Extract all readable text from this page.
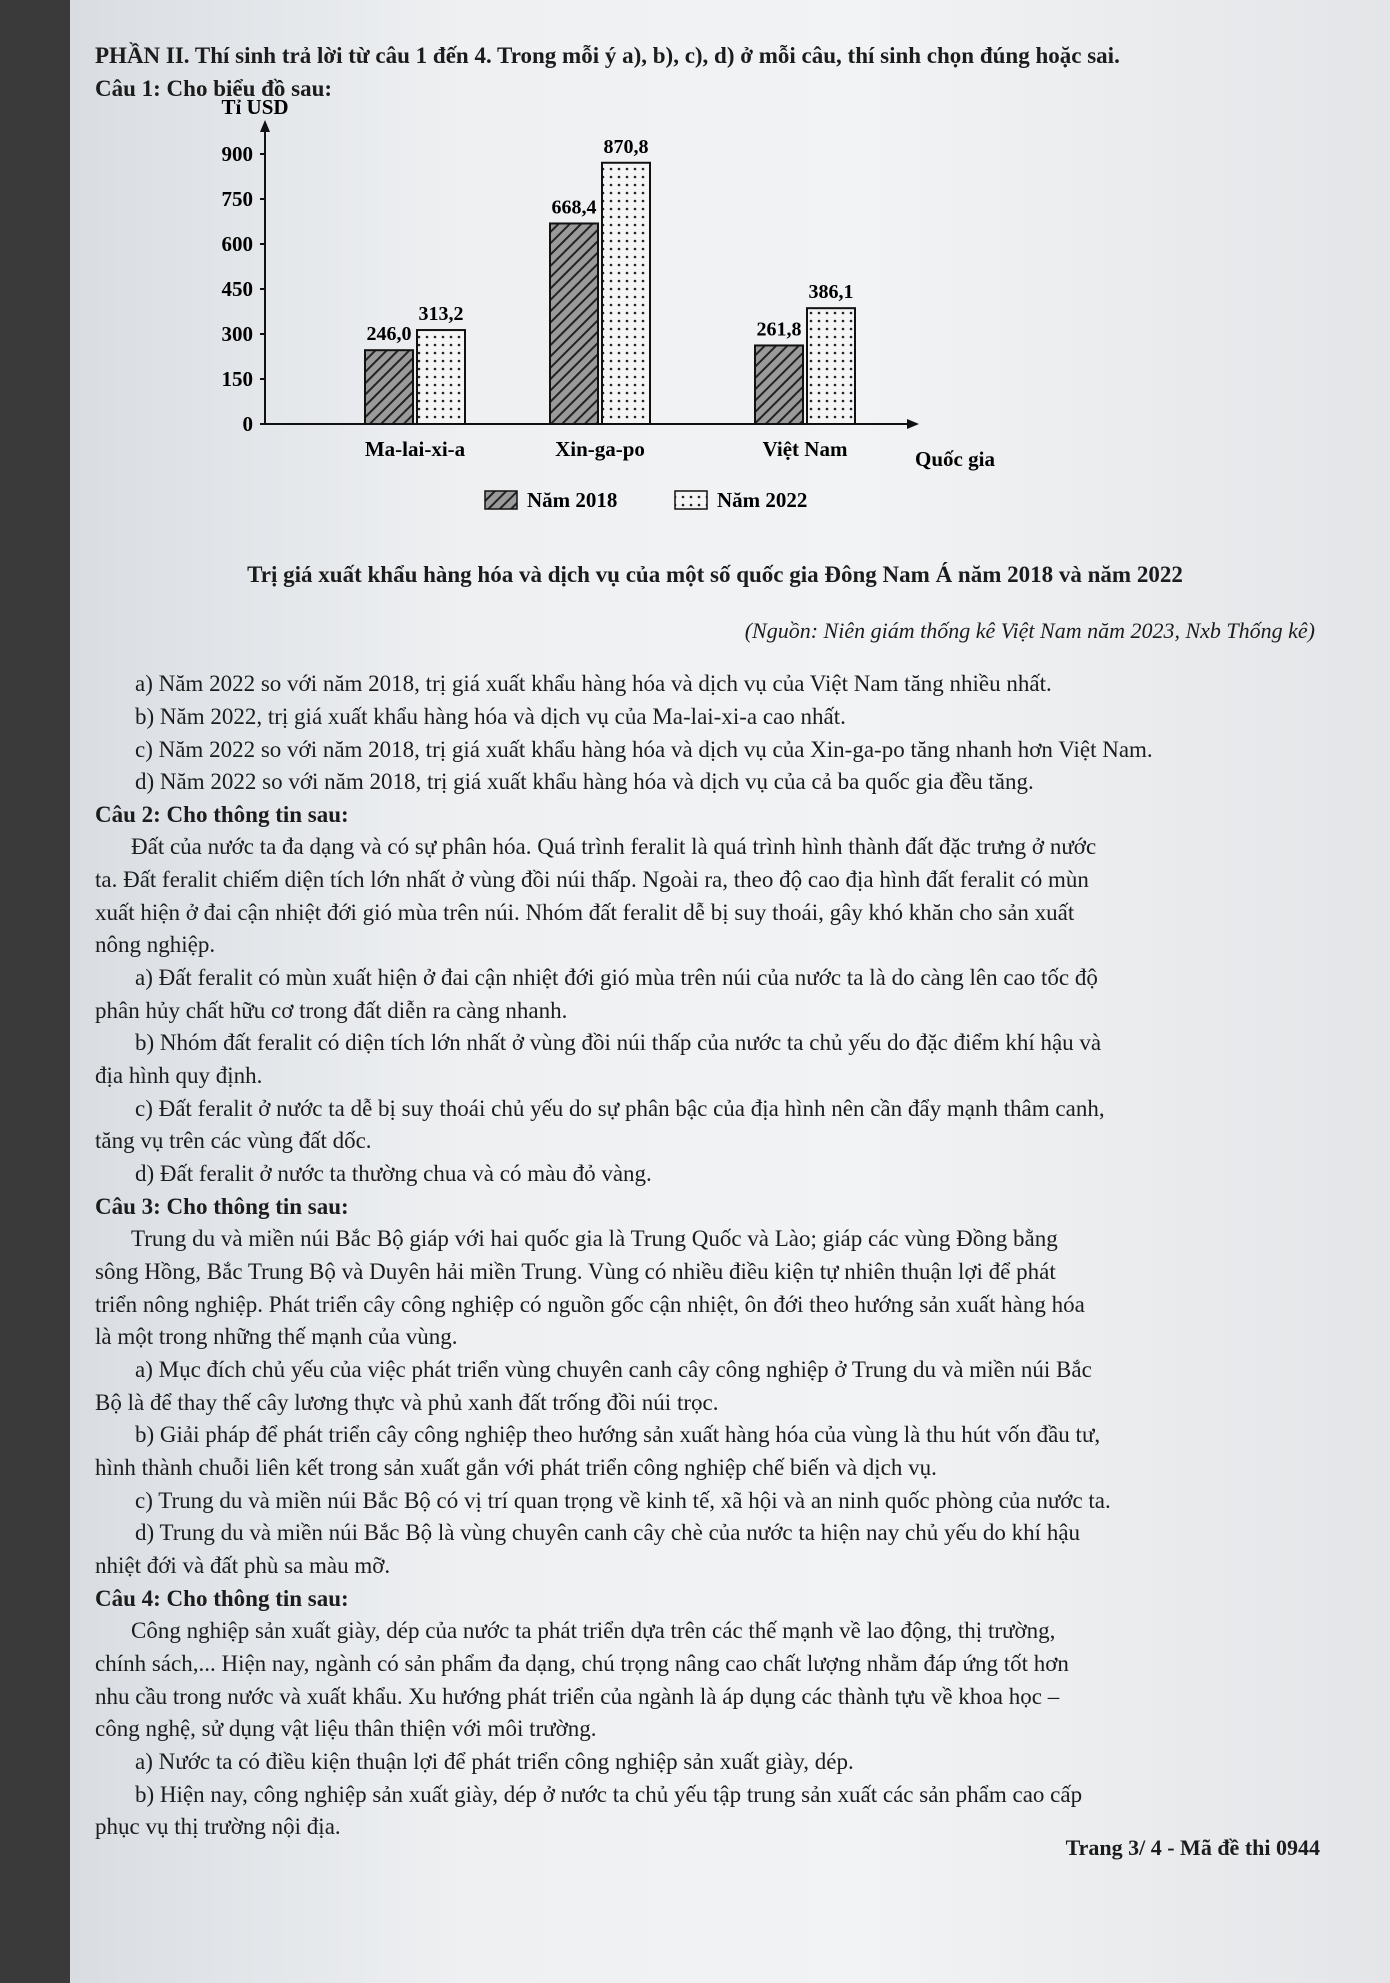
PHẦN II. Thí sinh trả lời từ câu 1 đến 4. Trong mỗi ý a), b), c), d) ở mỗi câu, thí sinh chọn đúng hoặc sai.

Câu 1: Cho biểu đồ sau:

Tỉ USD
Quốc gia
0
150
300
450
600
750
900
246,0
313,2
Ma-lai-xi-a
668,4
870,8
Xin-ga-po
261,8
386,1
Việt Nam
Năm 2018	Năm 2022

Trị giá xuất khẩu hàng hóa và dịch vụ của một số quốc gia Đông Nam Á năm 2018 và năm 2022

(Nguồn: Niên giám thống kê Việt Nam năm 2023, Nxb Thống kê)

a) Năm 2022 so với năm 2018, trị giá xuất khẩu hàng hóa và dịch vụ của Việt Nam tăng nhiều nhất.

b) Năm 2022, trị giá xuất khẩu hàng hóa và dịch vụ của Ma-lai-xi-a cao nhất.

c) Năm 2022 so với năm 2018, trị giá xuất khẩu hàng hóa và dịch vụ của Xin-ga-po tăng nhanh hơn Việt Nam.

d) Năm 2022 so với năm 2018, trị giá xuất khẩu hàng hóa và dịch vụ của cả ba quốc gia đều tăng.

Câu 2: Cho thông tin sau:

Đất của nước ta đa dạng và có sự phân hóa. Quá trình feralit là quá trình hình thành đất đặc trưng ở nước

ta. Đất feralit chiếm diện tích lớn nhất ở vùng đồi núi thấp. Ngoài ra, theo độ cao địa hình đất feralit có mùn

xuất hiện ở đai cận nhiệt đới gió mùa trên núi. Nhóm đất feralit dễ bị suy thoái, gây khó khăn cho sản xuất

nông nghiệp.

a) Đất feralit có mùn xuất hiện ở đai cận nhiệt đới gió mùa trên núi của nước ta là do càng lên cao tốc độ

phân hủy chất hữu cơ trong đất diễn ra càng nhanh.

b) Nhóm đất feralit có diện tích lớn nhất ở vùng đồi núi thấp của nước ta chủ yếu do đặc điểm khí hậu và

địa hình quy định.

c) Đất feralit ở nước ta dễ bị suy thoái chủ yếu do sự phân bậc của địa hình nên cần đẩy mạnh thâm canh,

tăng vụ trên các vùng đất dốc.

d) Đất feralit ở nước ta thường chua và có màu đỏ vàng.

Câu 3: Cho thông tin sau:

Trung du và miền núi Bắc Bộ giáp với hai quốc gia là Trung Quốc và Lào; giáp các vùng Đồng bằng

sông Hồng, Bắc Trung Bộ và Duyên hải miền Trung. Vùng có nhiều điều kiện tự nhiên thuận lợi để phát

triển nông nghiệp. Phát triển cây công nghiệp có nguồn gốc cận nhiệt, ôn đới theo hướng sản xuất hàng hóa

là một trong những thế mạnh của vùng.

a) Mục đích chủ yếu của việc phát triển vùng chuyên canh cây công nghiệp ở Trung du và miền núi Bắc

Bộ là để thay thế cây lương thực và phủ xanh đất trống đồi núi trọc.

b) Giải pháp để phát triển cây công nghiệp theo hướng sản xuất hàng hóa của vùng là thu hút vốn đầu tư,

hình thành chuỗi liên kết trong sản xuất gắn với phát triển công nghiệp chế biến và dịch vụ.

c) Trung du và miền núi Bắc Bộ có vị trí quan trọng về kinh tế, xã hội và an ninh quốc phòng của nước ta.

d) Trung du và miền núi Bắc Bộ là vùng chuyên canh cây chè của nước ta hiện nay chủ yếu do khí hậu

nhiệt đới và đất phù sa màu mỡ.

Câu 4: Cho thông tin sau:

Công nghiệp sản xuất giày, dép của nước ta phát triển dựa trên các thế mạnh về lao động, thị trường,

chính sách,... Hiện nay, ngành có sản phẩm đa dạng, chú trọng nâng cao chất lượng nhằm đáp ứng tốt hơn

nhu cầu trong nước và xuất khẩu. Xu hướng phát triển của ngành là áp dụng các thành tựu về khoa học –

công nghệ, sử dụng vật liệu thân thiện với môi trường.

a) Nước ta có điều kiện thuận lợi để phát triển công nghiệp sản xuất giày, dép.

b) Hiện nay, công nghiệp sản xuất giày, dép ở nước ta chủ yếu tập trung sản xuất các sản phẩm cao cấp

phục vụ thị trường nội địa.

Trang 3/ 4 - Mã đề thi 0944
